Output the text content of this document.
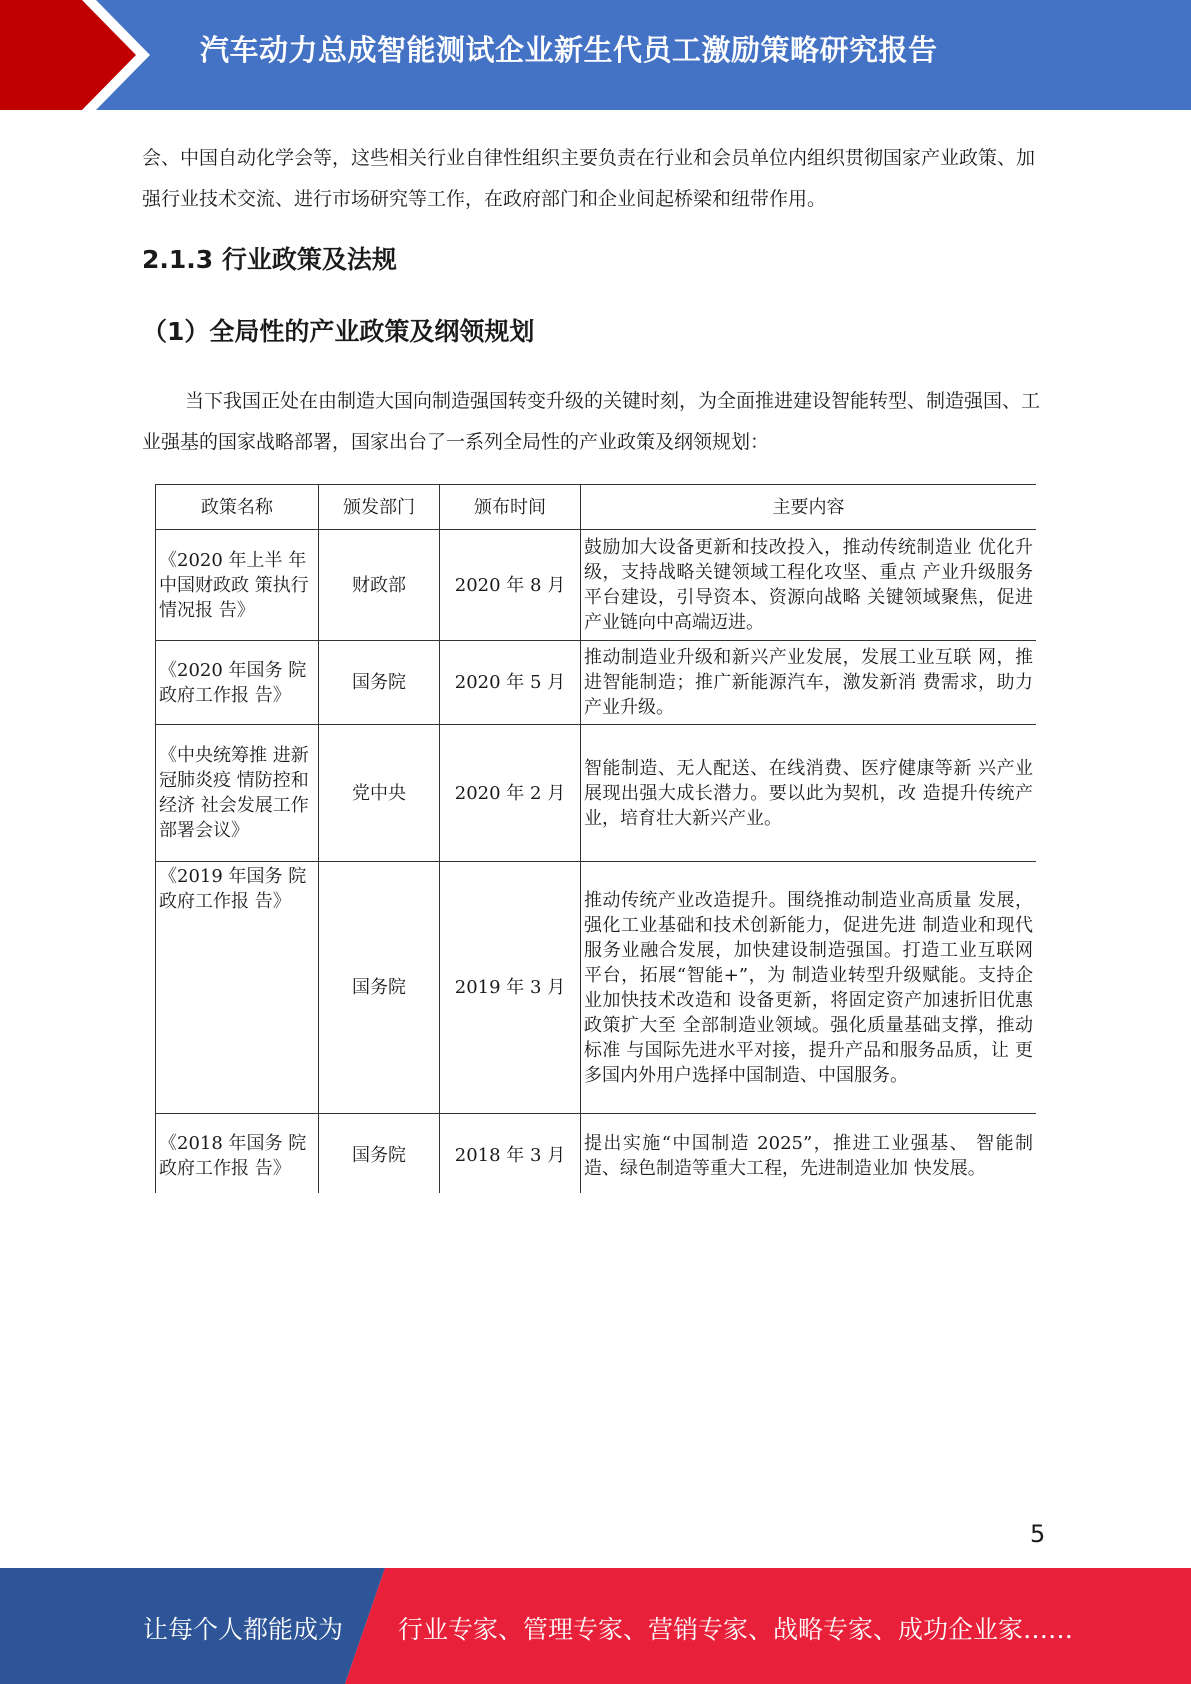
汽车动力总成智能测试企业新生代员工激励策略研究报告

会、中国自动化学会等，这些相关行业自律性组织主要负责在行业和会员单位内组织贯彻国家产业政策、加强行业技术交流、进行市场研究等工作，在政府部门和企业间起桥梁和纽带作用。

2.1.3 行业政策及法规
（1）全局性的产业政策及纲领规划

当下我国正处在由制造大国向制造强国转变升级的关键时刻，为全面推进建设智能转型、制造强国、工业强基的国家战略部署，国家出台了一系列全局性的产业政策及纲领规划：

政策名称	颁发部门	颁布时间	主要内容
《2020 年上半 年中国财政政 策执行情况报 告》	财政部	2020 年 8 月	鼓励加大设备更新和技改投入，推动传统制造业 优化升级，支持战略关键领域工程化攻坚、重点 产业升级服务平台建设，引导资本、资源向战略 关键领域聚焦，促进产业链向中高端迈进。
《2020 年国务 院政府工作报 告》	国务院	2020 年 5 月	推动制造业升级和新兴产业发展，发展工业互联 网，推进智能制造；推广新能源汽车，激发新消 费需求，助力产业升级。
《中央统筹推 进新冠肺炎疫 情防控和经济 社会发展工作 部署会议》	党中央	2020 年 2 月	智能制造、无人配送、在线消费、医疗健康等新 兴产业展现出强大成长潜力。要以此为契机，改 造提升传统产业，培育壮大新兴产业。
《2019 年国务 院政府工作报 告》	国务院	2019 年 3 月	推动传统产业改造提升。围绕推动制造业高质量 发展，强化工业基础和技术创新能力，促进先进 制造业和现代服务业融合发展，加快建设制造强国。打造工业互联网平台，拓展“智能+”，为 制造业转型升级赋能。支持企业加快技术改造和 设备更新，将固定资产加速折旧优惠政策扩大至 全部制造业领域。强化质量基础支撑，推动标准 与国际先进水平对接，提升产品和服务品质，让 更多国内外用户选择中国制造、中国服务。
《2018 年国务 院政府工作报 告》	国务院	2018 年 3 月	提出实施“中国制造 2025”，推进工业强基、 智能制造、绿色制造等重大工程，先进制造业加 快发展。
5
让每个人都能成为 行业专家、管理专家、营销专家、战略专家、成功企业家……
